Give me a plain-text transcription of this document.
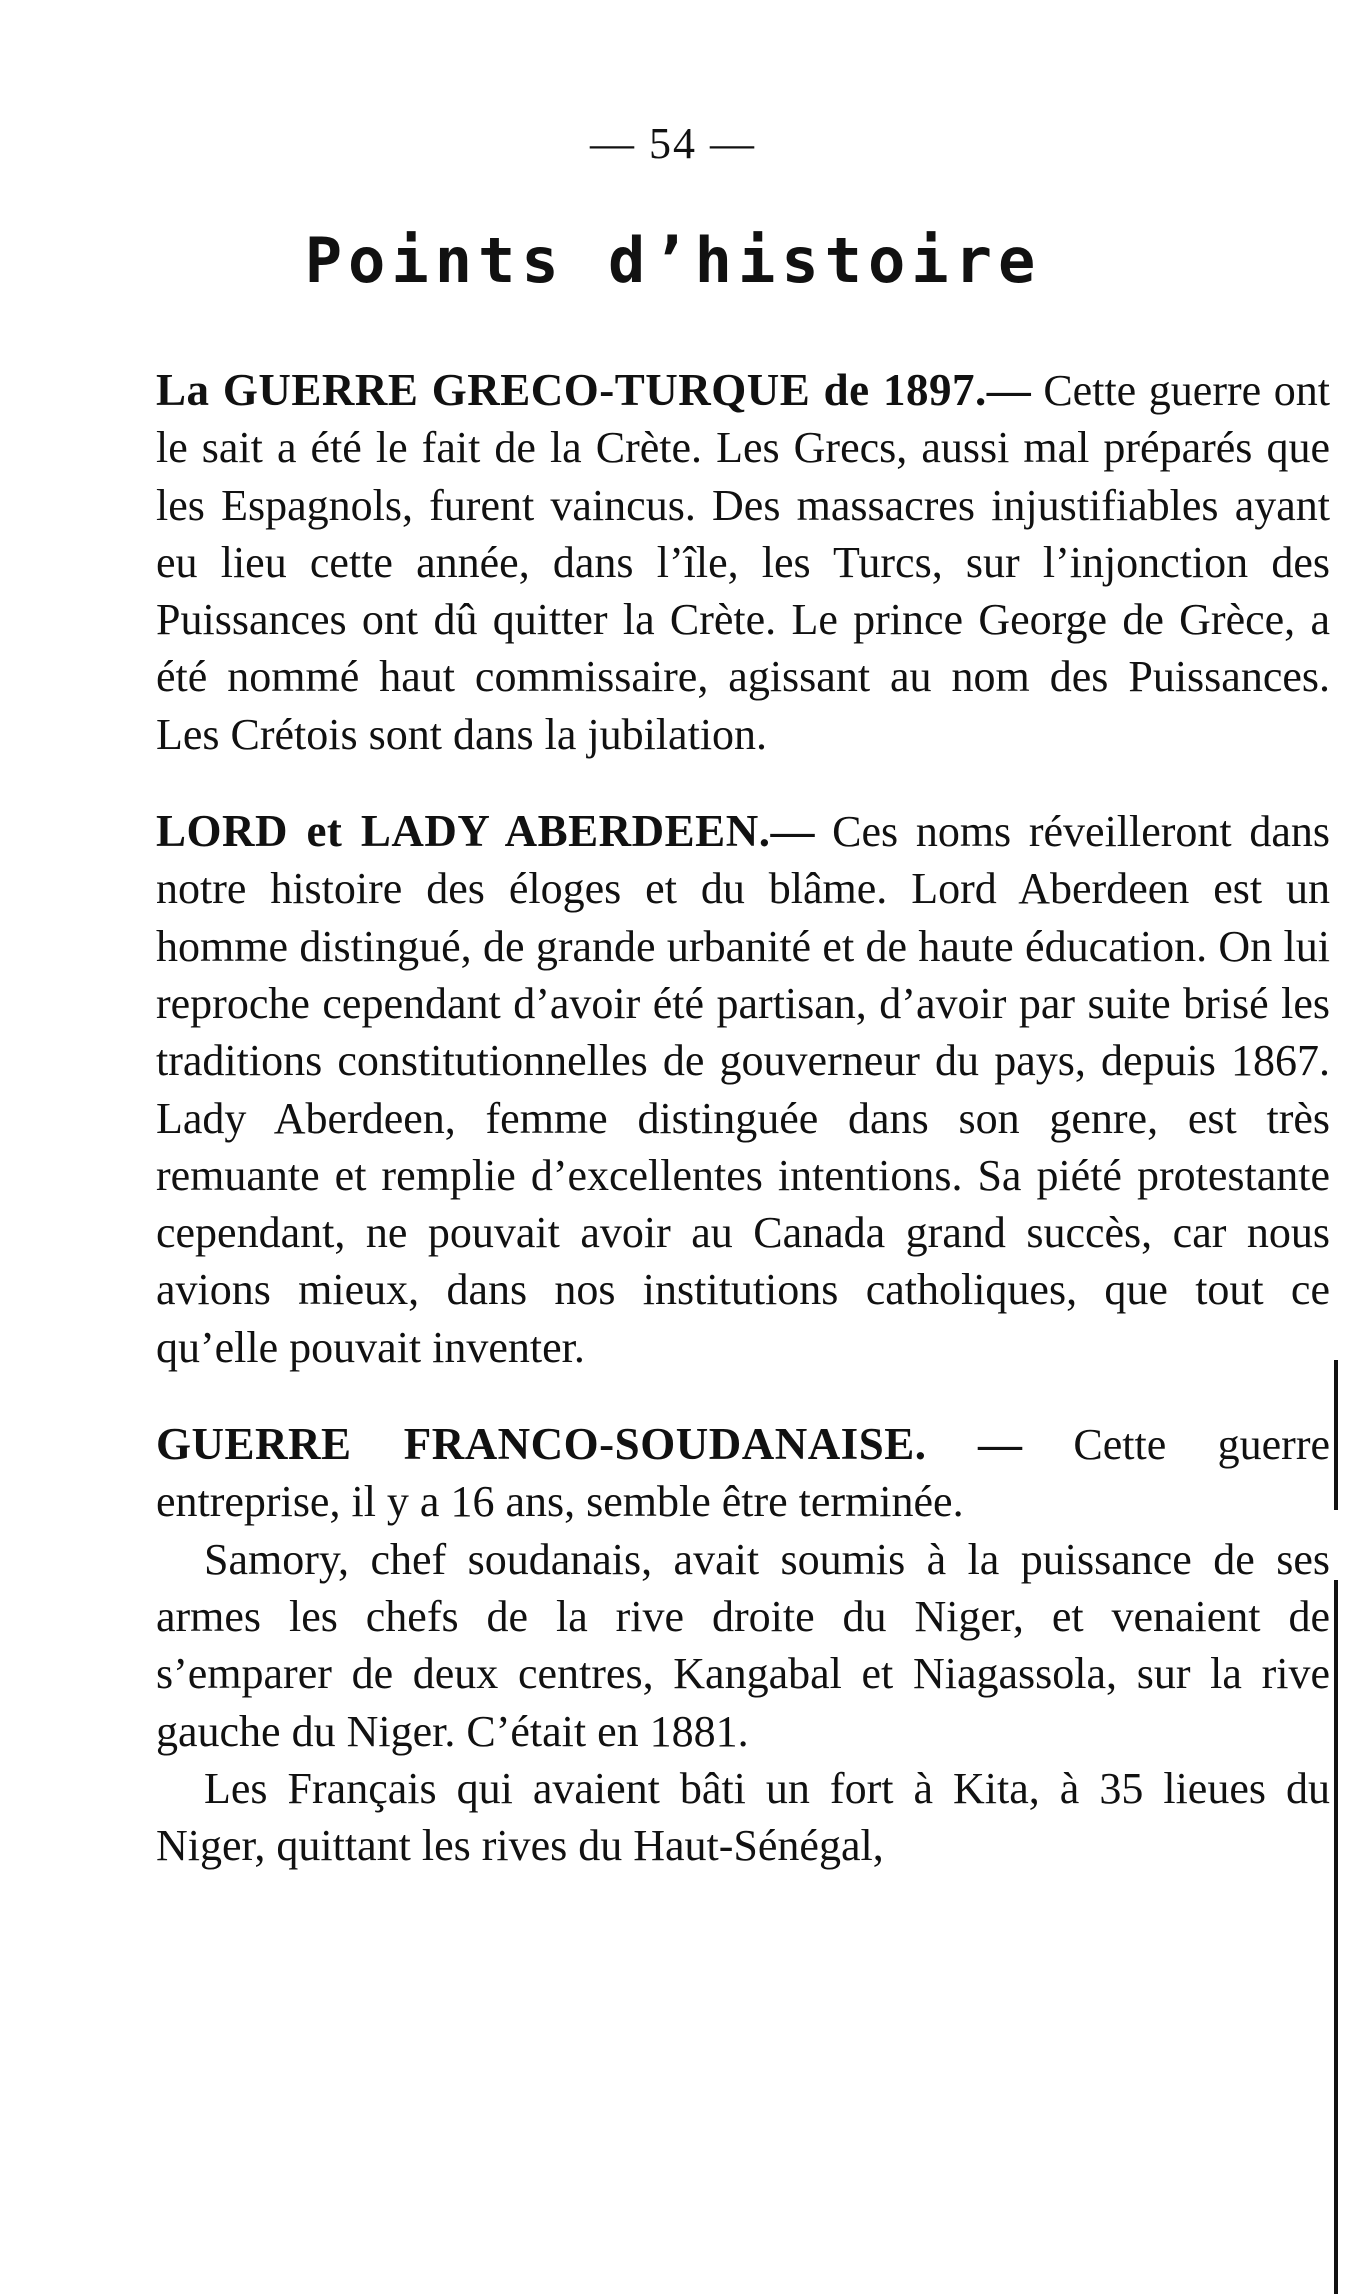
— 54 —
Points d’histoire

La GUERRE GRECO-TURQUE de 1897.— Cette guerre ont le sait a été le fait de la Crète. Les Grecs, aussi mal préparés que les Espagnols, furent vaincus. Des massacres injustifiables ayant eu lieu cette année, dans l’île, les Turcs, sur l’injonction des Puissances ont dû quitter la Crète. Le prince George de Grèce, a été nommé haut commissaire, agissant au nom des Puissances. Les Crétois sont dans la jubilation.

LORD et LADY ABERDEEN.— Ces noms réveilleront dans notre histoire des éloges et du blâme. Lord Aberdeen est un homme distingué, de grande urbanité et de haute éducation. On lui reproche cependant d’avoir été partisan, d’avoir par suite brisé les traditions constitutionnelles de gouverneur du pays, depuis 1867. Lady Aberdeen, femme distinguée dans son genre, est très remuante et remplie d’excellentes intentions. Sa piété protestante cependant, ne pouvait avoir au Canada grand succès, car nous avions mieux, dans nos institutions catholiques, que tout ce qu’elle pouvait inventer.

GUERRE FRANCO-SOUDANAISE. — Cette guerre entreprise, il y a 16 ans, semble être terminée.

Samory, chef soudanais, avait soumis à la puissance de ses armes les chefs de la rive droite du Niger, et venaient de s’emparer de deux centres, Kangabal et Niagassola, sur la rive gauche du Niger. C’était en 1881.

Les Français qui avaient bâti un fort à Kita, à 35 lieues du Niger, quittant les rives du Haut-Sénégal,
